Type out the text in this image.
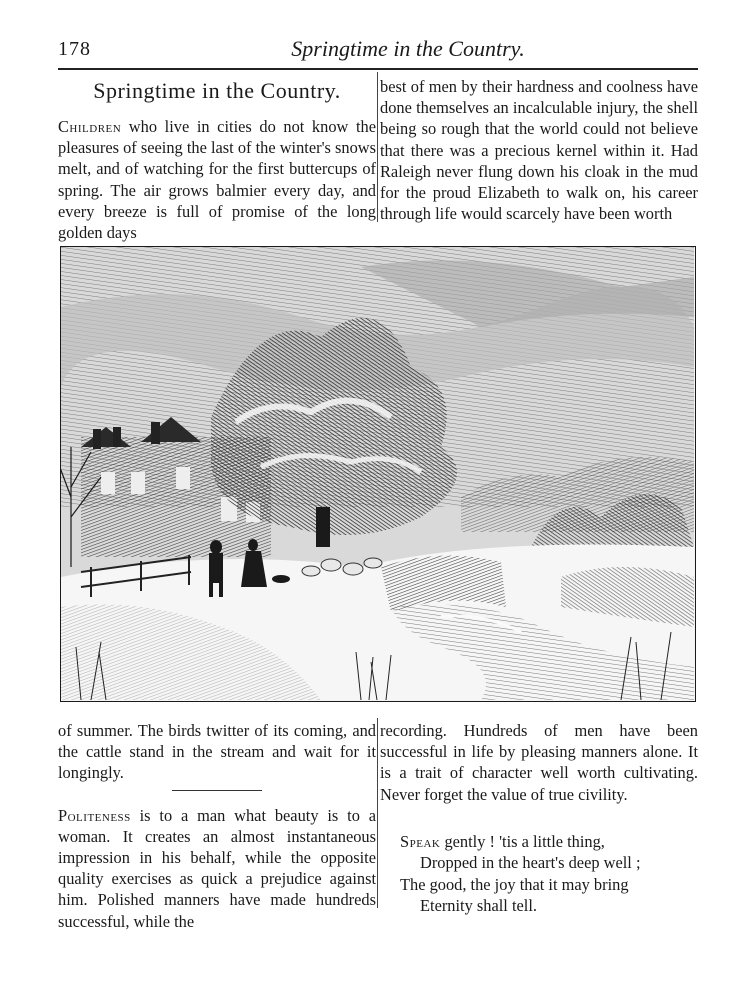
178	Springtime in the Country.
Springtime in the Country.

Children who live in cities do not know the pleasures of seeing the last of the winter's snows melt, and of watching for the first buttercups of spring. The air grows balmier every day, and every breeze is full of promise of the long golden days

best of men by their hardness and coolness have done themselves an incalculable injury, the shell being so rough that the world could not believe that there was a precious kernel within it. Had Raleigh never flung down his cloak in the mud for the proud Elizabeth to walk on, his career through life would scarcely have been worth

of summer. The birds twitter of its coming, and the cattle stand in the stream and wait for it longingly.

Politeness is to a man what beauty is to a woman. It creates an almost instantaneous impression in his behalf, while the opposite quality exercises as quick a prejudice against him. Polished manners have made hundreds successful, while the

recording. Hundreds of men have been successful in life by pleasing manners alone. It is a trait of character well worth cultivating. Never forget the value of true civility.

Speak gently ! 'tis a little thing,
Dropped in the heart's deep well ;
The good, the joy that it may bring
Eternity shall tell.
